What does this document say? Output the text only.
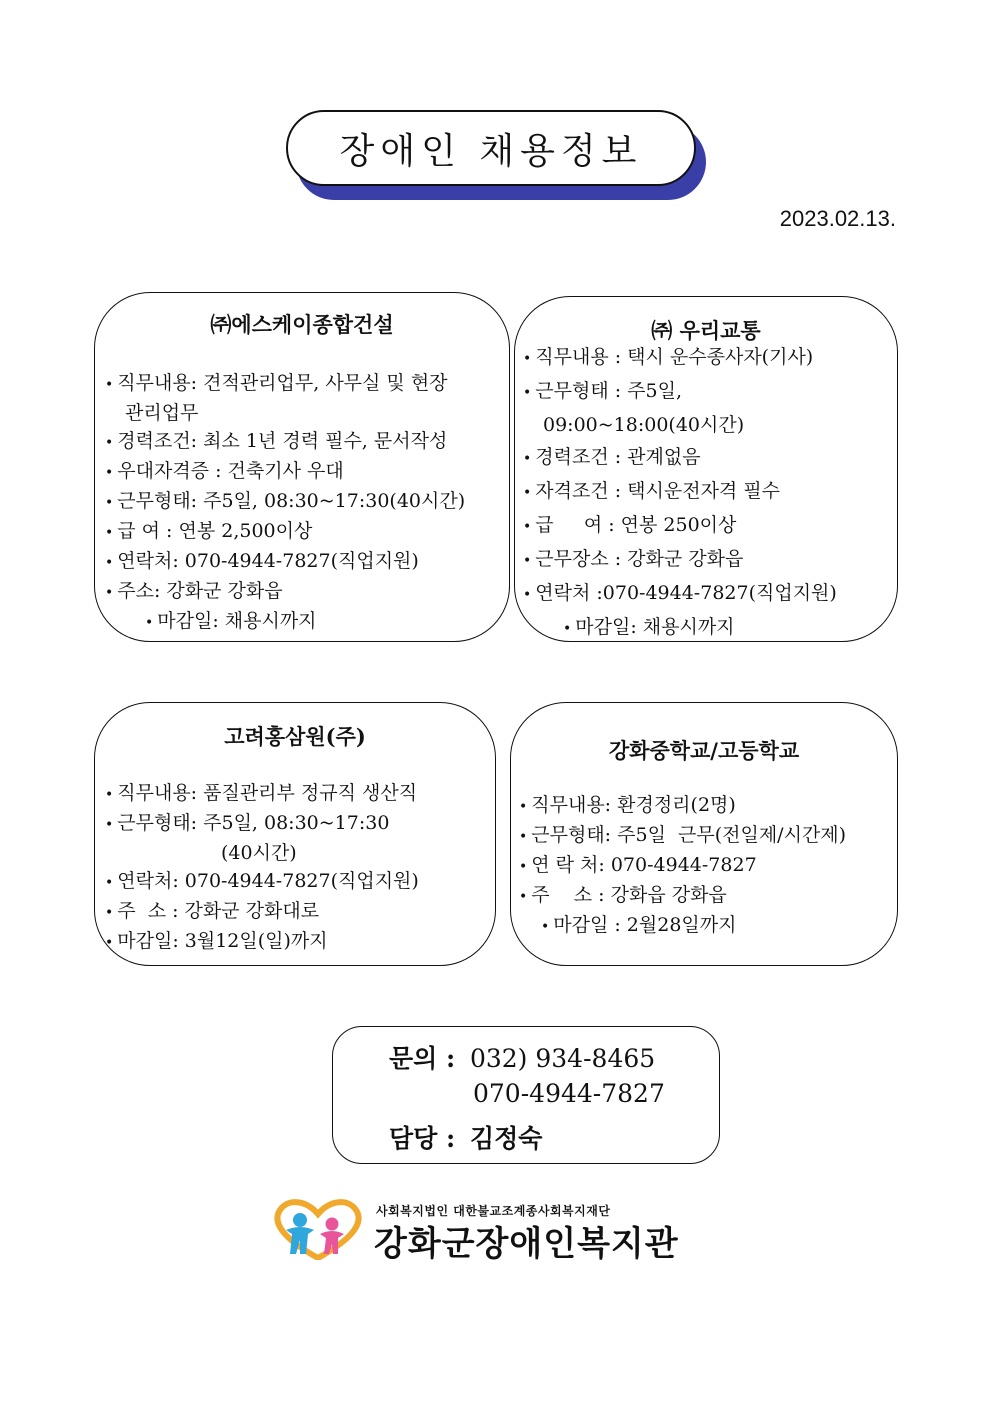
장애인 채용정보
2023.02.13.
㈜에스케이종합건설
• 직무내용: 견적관리업무, 사무실 및 현장
관리업무
• 경력조건: 최소 1년 경력 필수, 문서작성
• 우대자격증 : 건축기사 우대
• 근무형태: 주5일, 08:30~17:30(40시간)
• 급 여 : 연봉 2,500이상
• 연락처: 070-4944-7827(직업지원)
• 주소: 강화군 강화읍
• 마감일: 채용시까지
㈜ 우리교통
• 직무내용 : 택시 운수종사자(기사)
• 근무형태 : 주5일,
09:00~18:00(40시간)
• 경력조건 : 관계없음
• 자격조건 : 택시운전자격 필수
• 급     여 : 연봉 250이상
• 근무장소 : 강화군 강화읍
• 연락처 :070-4944-7827(직업지원)
• 마감일: 채용시까지
고려홍삼원(주)
• 직무내용: 품질관리부 정규직 생산직
• 근무형태: 주5일, 08:30~17:30
(40시간)
• 연락처: 070-4944-7827(직업지원)
• 주  소 : 강화군 강화대로
• 마감일: 3월12일(일)까지
강화중학교/고등학교
• 직무내용: 환경정리(2명)
• 근무형태: 주5일  근무(전일제/시간제)
• 연 락 처: 070-4944-7827
• 주    소 : 강화읍 강화읍
• 마감일 : 2월28일까지
문의 : 032) 934-8465
070-4944-7827
담당 : 김정숙
사회복지법인 대한불교조계종사회복지재단
강화군장애인복지관
